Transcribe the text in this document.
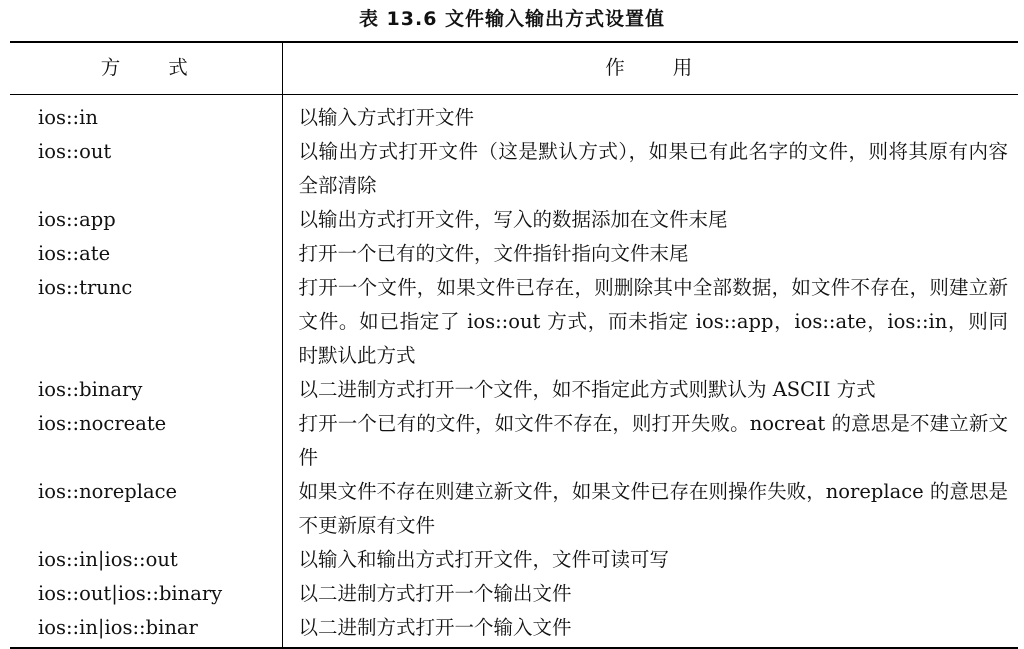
表 13.6 文件输入输出方式设置值
方　　式	作　　用
ios::in	以输入方式打开文件
ios::out	以输出方式打开文件（这是默认方式），如果已有此名字的文件，则将其原有内容全部清除
ios::app	以输出方式打开文件，写入的数据添加在文件末尾
ios::ate	打开一个已有的文件，文件指针指向文件末尾
ios::trunc	打开一个文件，如果文件已存在，则删除其中全部数据，如文件不存在，则建立新文件。如已指定了 ios::out 方式，而未指定 ios::app，ios::ate，ios::in，则同时默认此方式
ios::binary	以二进制方式打开一个文件，如不指定此方式则默认为 ASCII 方式
ios::nocreate	打开一个已有的文件，如文件不存在，则打开失败。nocreat 的意思是不建立新文件
ios::noreplace	如果文件不存在则建立新文件，如果文件已存在则操作失败，noreplace 的意思是不更新原有文件
ios::in|ios::out	以输入和输出方式打开文件，文件可读可写
ios::out|ios::binary	以二进制方式打开一个输出文件
ios::in|ios::binar	以二进制方式打开一个输入文件
